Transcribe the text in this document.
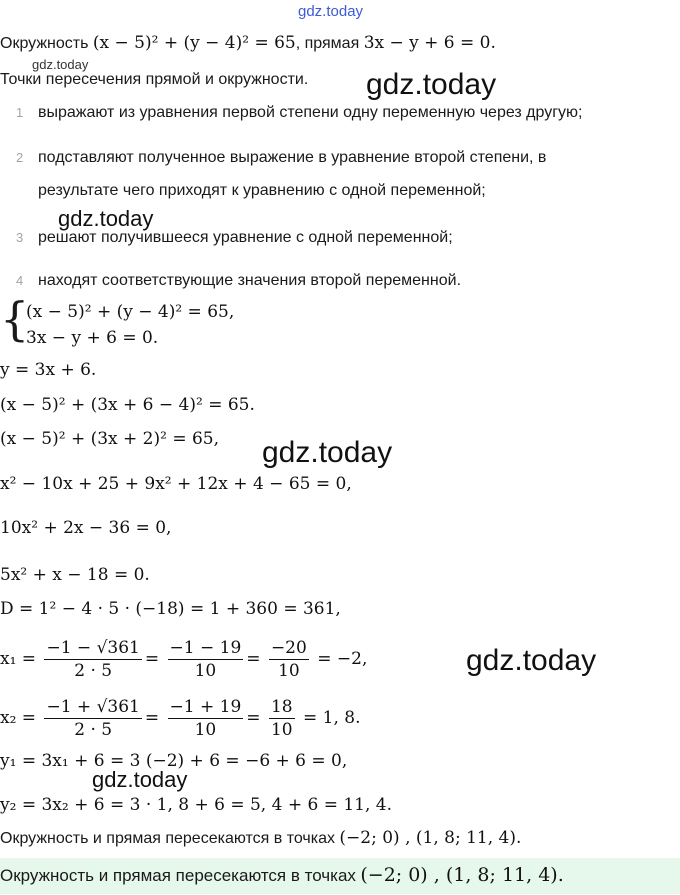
gdz.today
gdz.today
gdz.today
gdz.today
gdz.today
gdz.today
gdz.today
Окружность (x − 5)² + (y − 4)² = 65, прямая 3x − y + 6 = 0.
Точки пересечения прямой и окружности.
1 выражают из уравнения первой степени одну переменную через другую;
2 подставляют полученное выражение в уравнение второй степени, в
результате чего приходят к уравнению с одной переменной;
3 решают получившееся уравнение с одной переменной;
4 находят соответствующие значения второй переменной.
{
(x − 5)² + (y − 4)² = 65,
3x − y + 6 = 0.
y = 3x + 6.
(x − 5)² + (3x + 6 − 4)² = 65.
(x − 5)² + (3x + 2)² = 65,
x² − 10x + 25 + 9x² + 12x + 4 − 65 = 0,
10x² + 2x − 36 = 0,
5x² + x − 18 = 0.
D = 1² − 4 · 5 · (−18) = 1 + 360 = 361,
$x_1 = \frac{-1 - √361}{2 \cdot 5} = \frac{-1 - 19}{10} = \frac{-20}{10} = -2$,
$x_2 = \frac{-1 + √361}{2 \cdot 5} = \frac{-1 + 19}{10} = \frac{18}{10} = 1$, 8.
y₁ = 3x₁ + 6 = 3 (−2) + 6 = −6 + 6 = 0,
y₂ = 3x₂ + 6 = 3 · 1, 8 + 6 = 5, 4 + 6 = 11, 4.
Окружность и прямая пересекаются в точках (−2; 0) , (1, 8; 11, 4).
Окружность и прямая пересекаются в точках (−2; 0) , (1, 8; 11, 4).
